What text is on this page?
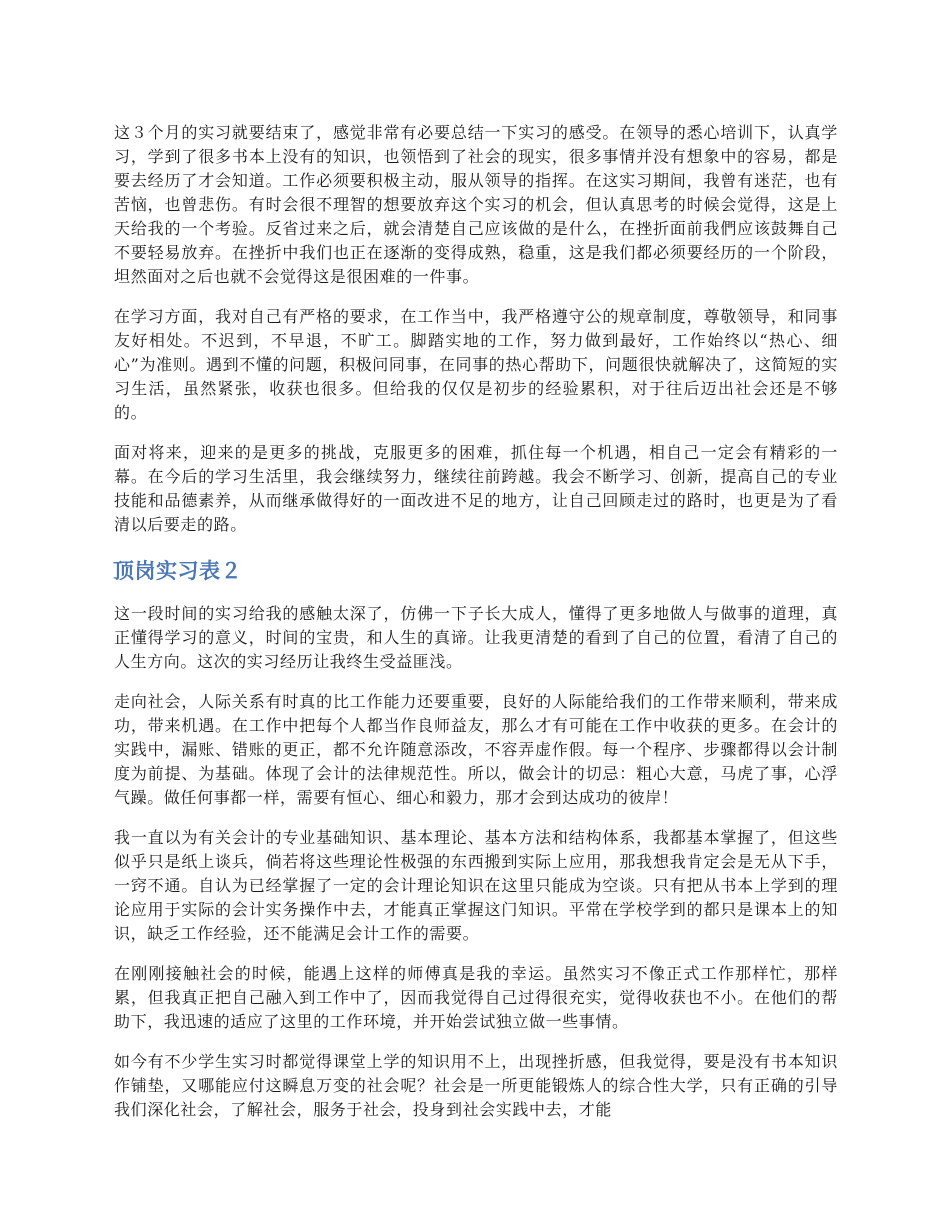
这３个月的实习就要结束了，感觉非常有必要总结一下实习的感受。在领导的悉心培训下，认真学习，学到了很多书本上没有的知识，也领悟到了社会的现实，很多事情并没有想象中的容易，都是要去经历了才会知道。工作必须要积极主动，服从领导的指挥。在这实习期间，我曾有迷茫，也有苦恼，也曾悲伤。有时会很不理智的想要放弃这个实习的机会，但认真思考的时候会觉得，这是上天给我的一个考验。反省过来之后，就会清楚自己应该做的是什么，在挫折面前我們应该鼓舞自己不要轻易放弃。在挫折中我们也正在逐渐的变得成熟，稳重，这是我们都必须要经历的一个阶段，坦然面对之后也就不会觉得这是很困难的一件事。

在学习方面，我对自己有严格的要求，在工作当中，我严格遵守公的规章制度，尊敬领导，和同事友好相处。不迟到，不早退，不旷工。脚踏实地的工作，努力做到最好，工作始终以“热心、细心”为准则。遇到不懂的问题，积极问同事，在同事的热心帮助下，问题很快就解决了，这简短的实习生活，虽然紧张，收获也很多。但给我的仅仅是初步的经验累积，对于往后迈出社会还是不够的。

面对将来，迎来的是更多的挑战，克服更多的困难，抓住每一个机遇，相自己一定会有精彩的一幕。在今后的学习生活里，我会继续努力，继续往前跨越。我会不断学习、创新，提高自己的专业技能和品德素养，从而继承做得好的一面改进不足的地方，让自己回顾走过的路时，也更是为了看清以后要走的路。

顶岗实习表２

这一段时间的实习给我的感触太深了，仿佛一下子长大成人，懂得了更多地做人与做事的道理，真正懂得学习的意义，时间的宝贵，和人生的真谛。让我更清楚的看到了自己的位置，看清了自己的人生方向。这次的实习经历让我终生受益匪浅。

走向社会，人际关系有时真的比工作能力还要重要，良好的人际能给我们的工作带来顺利，带来成功，带来机遇。在工作中把每个人都当作良师益友，那么才有可能在工作中收获的更多。在会计的实践中，漏账、错账的更正，都不允许随意添改，不容弄虚作假。每一个程序、步骤都得以会计制度为前提、为基础。体现了会计的法律规范性。所以，做会计的切忌：粗心大意，马虎了事，心浮气躁。做任何事都一样，需要有恒心、细心和毅力，那才会到达成功的彼岸！

我一直以为有关会计的专业基础知识、基本理论、基本方法和结构体系，我都基本掌握了，但这些似乎只是纸上谈兵，倘若将这些理论性极强的东西搬到实际上应用，那我想我肯定会是无从下手，一窍不通。自认为已经掌握了一定的会计理论知识在这里只能成为空谈。只有把从书本上学到的理论应用于实际的会计实务操作中去，才能真正掌握这门知识。平常在学校学到的都只是课本上的知识，缺乏工作经验，还不能满足会计工作的需要。

在刚刚接触社会的时候，能遇上这样的师傅真是我的幸运。虽然实习不像正式工作那样忙，那样累，但我真正把自己融入到工作中了，因而我觉得自己过得很充实，觉得收获也不小。在他们的帮助下，我迅速的适应了这里的工作环境，并开始尝试独立做一些事情。

如今有不少学生实习时都觉得课堂上学的知识用不上，出现挫折感，但我觉得，要是没有书本知识作铺垫，又哪能应付这瞬息万变的社会呢？社会是一所更能锻炼人的综合性大学，只有正确的引导我们深化社会，了解社会，服务于社会，投身到社会实践中去，才能
